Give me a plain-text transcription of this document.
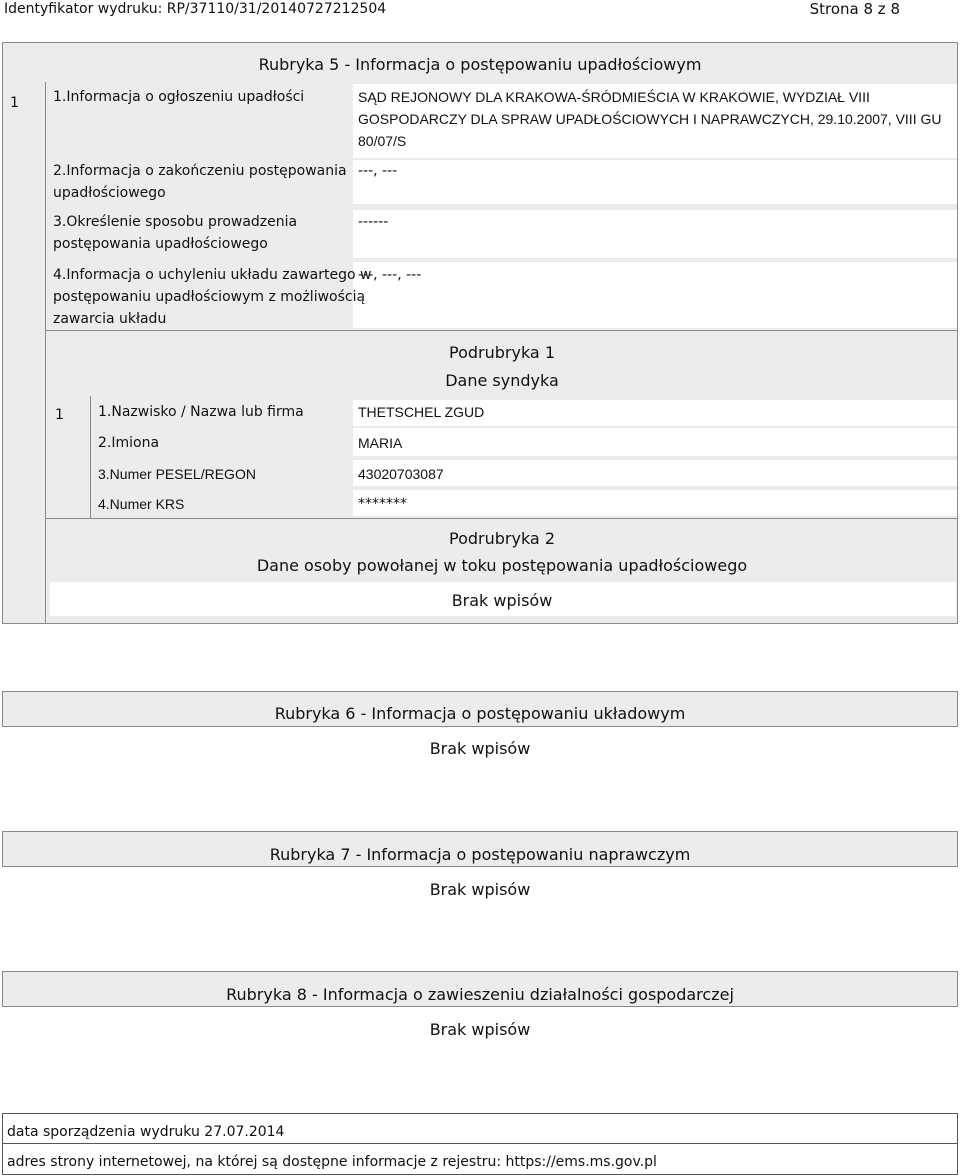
Identyfikator wydruku: RP/37110/31/20140727212504	Strona 8 z 8
Rubryka 5 - Informacja o postępowaniu upadłościowym
1 1.Informacja o ogłoszeniu upadłości	SĄD REJONOWY DLA KRAKOWA-ŚRÓDMIEŚCIA W KRAKOWIE, WYDZIAŁ VIII
GOSPODARCZY DLA SPRAW UPADŁOŚCIOWYCH I NAPRAWCZYCH, 29.10.2007, VIII GU
80/07/S
2.Informacja o zakończeniu postępowania
upadłościowego
---, ---
3.Określenie sposobu prowadzenia
postępowania upadłościowego
------
4.Informacja o uchyleniu układu zawartego w
postępowaniu upadłościowym z możliwością
zawarcia układu
---, ---, ---
Podrubryka 1
Dane syndyka
1 1.Nazwisko / Nazwa lub firma	THETSCHEL ZGUD
2.Imiona	MARIA
3.Numer PESEL/REGON	43020703087
4.Numer KRS	*******
Podrubryka 2
Dane osoby powołanej w toku postępowania upadłościowego
Brak wpisów
Rubryka 6 - Informacja o postępowaniu układowym
Brak wpisów
Rubryka 7 - Informacja o postępowaniu naprawczym
Brak wpisów
Rubryka 8 - Informacja o zawieszeniu działalności gospodarczej
Brak wpisów
data sporządzenia wydruku 27.07.2014
adres strony internetowej, na której są dostępne informacje z rejestru: https://ems.ms.gov.pl
